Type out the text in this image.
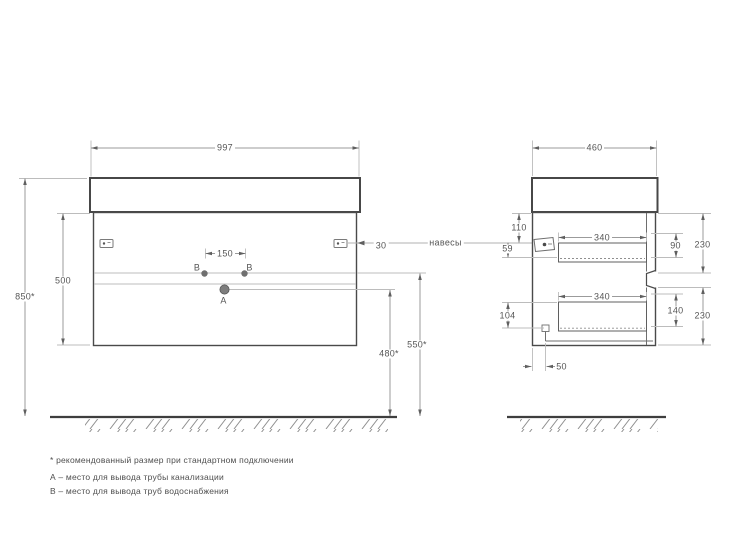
997
850*
500
150
B	B
A
30
480*
550*
навесы
460
110
59
340
90 230
104
340
140 230
50
* рекомендованный размер при стандартном подключении
А – место для вывода трубы канализации
В – место для вывода труб водоснабжения
